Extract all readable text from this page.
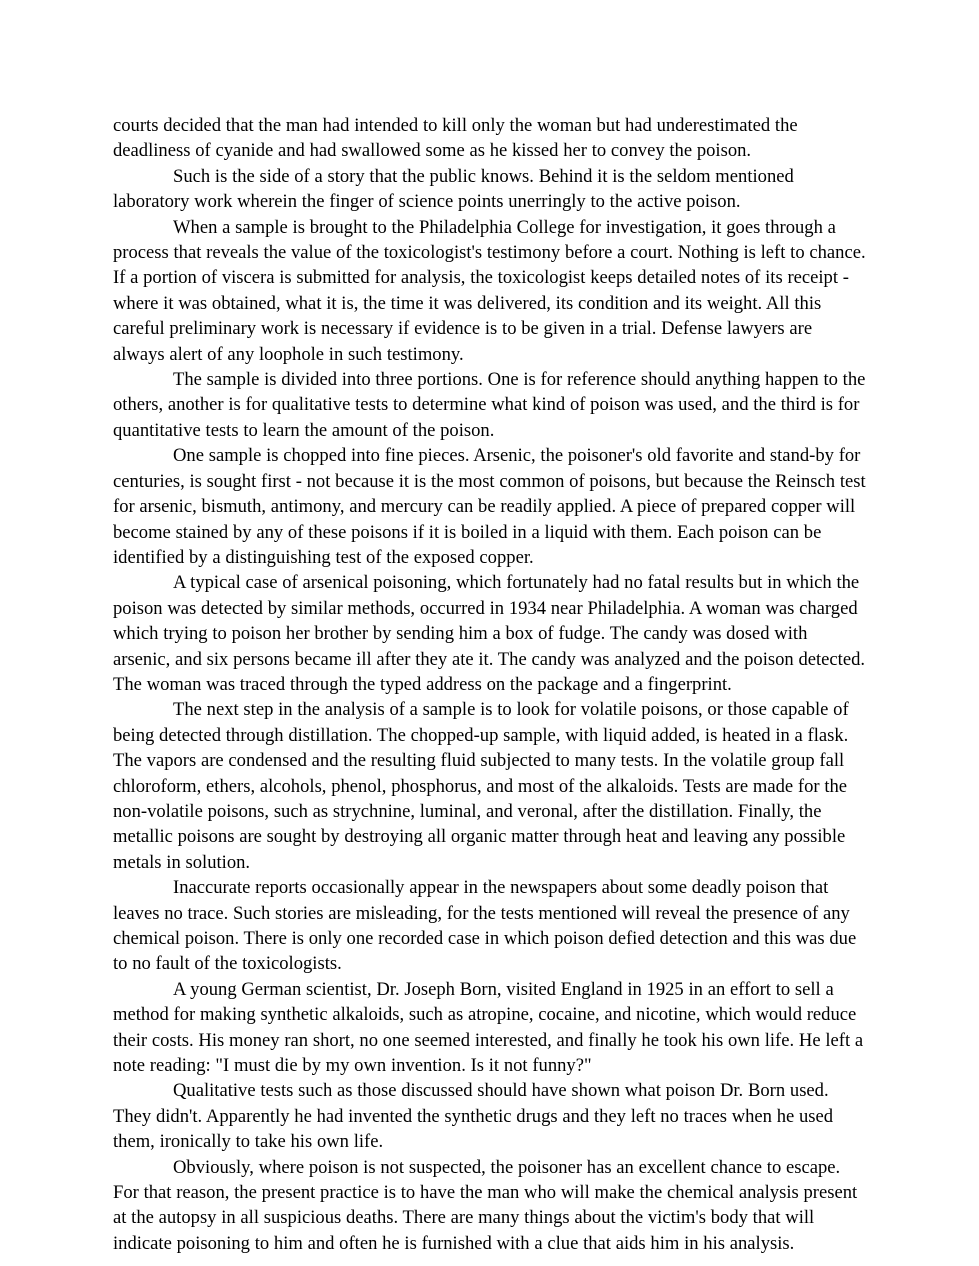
courts decided that the man had intended to kill only the woman but had underestimated the deadliness of cyanide and had swallowed some as he kissed her to convey the poison.

Such is the side of a story that the public knows. Behind it is the seldom mentioned laboratory work wherein the finger of science points unerringly to the active poison.

When a sample is brought to the Philadelphia College for investigation, it goes through a process that reveals the value of the toxicologist's testimony before a court. Nothing is left to chance. If a portion of viscera is submitted for analysis, the toxicologist keeps detailed notes of its receipt - where it was obtained, what it is, the time it was delivered, its condition and its weight. All this careful preliminary work is necessary if evidence is to be given in a trial. Defense lawyers are always alert of any loophole in such testimony.

The sample is divided into three portions. One is for reference should anything happen to the others, another is for qualitative tests to determine what kind of poison was used, and the third is for quantitative tests to learn the amount of the poison.

One sample is chopped into fine pieces. Arsenic, the poisoner's old favorite and stand-by for centuries, is sought first - not because it is the most common of poisons, but because the Reinsch test for arsenic, bismuth, antimony, and mercury can be readily applied. A piece of prepared copper will become stained by any of these poisons if it is boiled in a liquid with them. Each poison can be identified by a distinguishing test of the exposed copper.

A typical case of arsenical poisoning, which fortunately had no fatal results but in which the poison was detected by similar methods, occurred in 1934 near Philadelphia. A woman was charged which trying to poison her brother by sending him a box of fudge. The candy was dosed with arsenic, and six persons became ill after they ate it. The candy was analyzed and the poison detected. The woman was traced through the typed address on the package and a fingerprint.

The next step in the analysis of a sample is to look for volatile poisons, or those capable of being detected through distillation. The chopped-up sample, with liquid added, is heated in a flask. The vapors are condensed and the resulting fluid subjected to many tests. In the volatile group fall chloroform, ethers, alcohols, phenol, phosphorus, and most of the alkaloids. Tests are made for the non-volatile poisons, such as strychnine, luminal, and veronal, after the distillation. Finally, the metallic poisons are sought by destroying all organic matter through heat and leaving any possible metals in solution.

Inaccurate reports occasionally appear in the newspapers about some deadly poison that leaves no trace. Such stories are misleading, for the tests mentioned will reveal the presence of any chemical poison. There is only one recorded case in which poison defied detection and this was due to no fault of the toxicologists.

A young German scientist, Dr. Joseph Born, visited England in 1925 in an effort to sell a method for making synthetic alkaloids, such as atropine, cocaine, and nicotine, which would reduce their costs. His money ran short, no one seemed interested, and finally he took his own life. He left a note reading: "I must die by my own invention. Is it not funny?"

Qualitative tests such as those discussed should have shown what poison Dr. Born used. They didn't. Apparently he had invented the synthetic drugs and they left no traces when he used them, ironically to take his own life.

Obviously, where poison is not suspected, the poisoner has an excellent chance to escape. For that reason, the present practice is to have the man who will make the chemical analysis present at the autopsy in all suspicious deaths. There are many things about the victim's body that will indicate poisoning to him and often he is furnished with a clue that aids him in his analysis.
